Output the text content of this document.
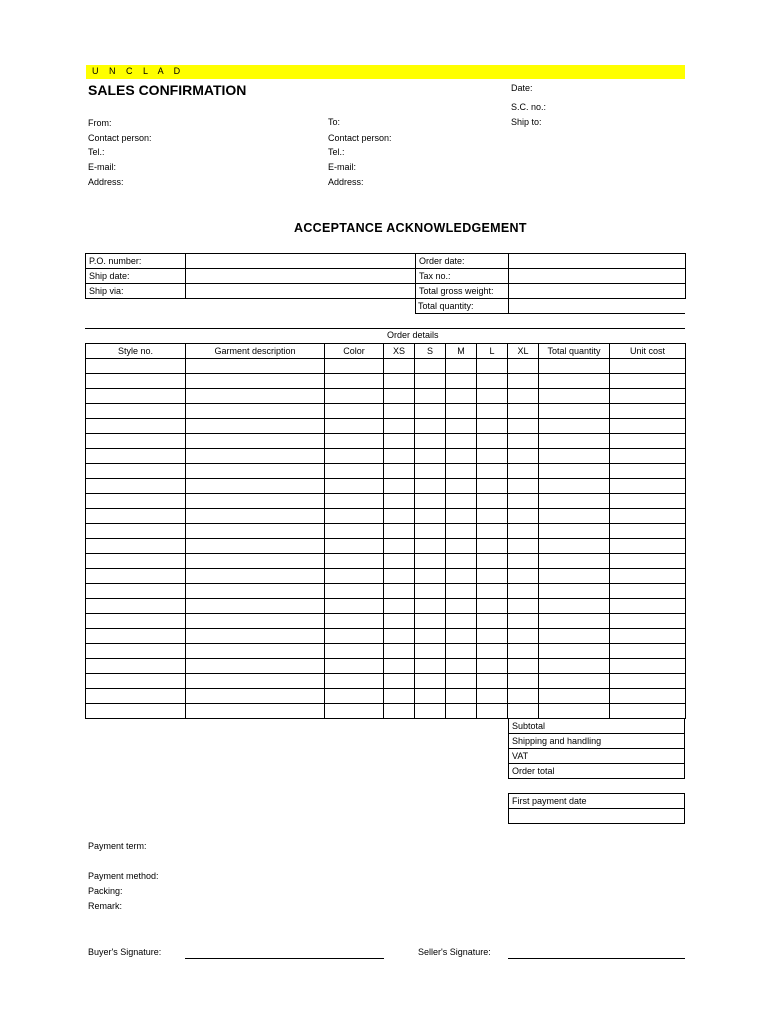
U N C L A D
SALES CONFIRMATION	Date:
S.C. no.:
Ship to:
From:
Contact person:
Tel.:
E-mail:
Address:
To:
Contact person:
Tel.:
E-mail:
Address:
ACCEPTANCE ACKNOWLEDGEMENT
P.O. number:		Order date:	
Ship date:		Tax no.:	
Ship via:		Total gross weight:	
Total quantity:
Order details
Style no.	Garment description	Color	XS	S	M	L	XL	Total quantity	Unit cost

Subtotal
Shipping and handling
VAT
Order total
First payment date

Payment term:
Payment method:
Packing:
Remark:
Buyer's Signature:	Seller's Signature:
